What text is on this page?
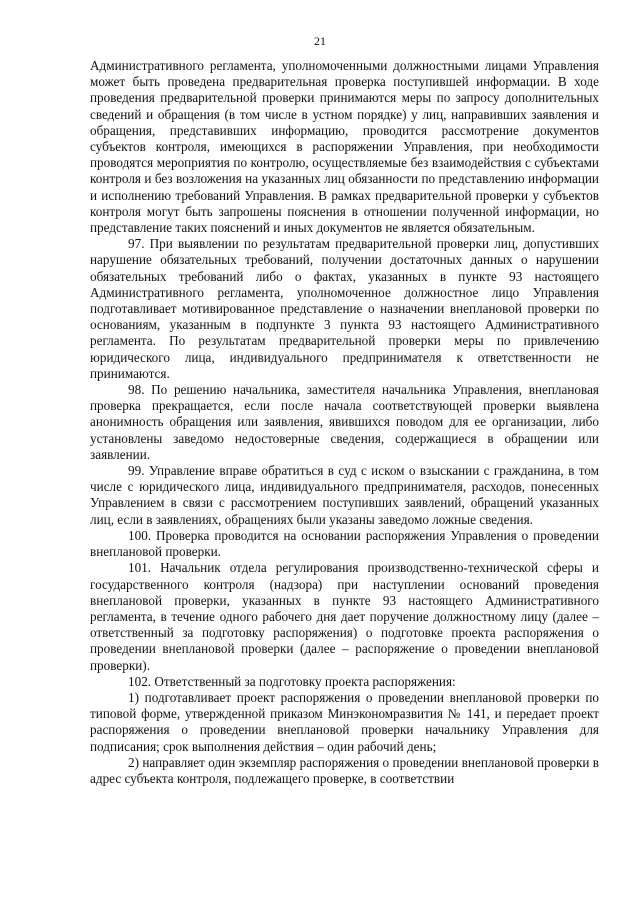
21

Административного регламента, уполномоченными должностными лицами Управления может быть проведена предварительная проверка поступившей информации. В ходе проведения предварительной проверки принимаются меры по запросу дополнительных сведений и обращения (в том числе в устном порядке) у лиц, направивших заявления и обращения, представивших информацию, проводится рассмотрение документов субъектов контроля, имеющихся в распоряжении Управления, при необходимости проводятся мероприятия по контролю, осуществляемые без взаимодействия с субъектами контроля и без возложения на указанных лиц обязанности по представлению информации и исполнению требований Управления. В рамках предварительной проверки у субъектов контроля могут быть запрошены пояснения в отношении полученной информации, но представление таких пояснений и иных документов не является обязательным.

97. При выявлении по результатам предварительной проверки лиц, допустивших нарушение обязательных требований, получении достаточных данных о нарушении обязательных требований либо о фактах, указанных в пункте 93 настоящего Административного регламента, уполномоченное должностное лицо Управления подготавливает мотивированное представление о назначении внеплановой проверки по основаниям, указанным в подпункте 3 пункта 93 настоящего Административного регламента. По результатам предварительной проверки меры по привлечению юридического лица, индивидуального предпринимателя к ответственности не принимаются.

98. По решению начальника, заместителя начальника Управления, внеплановая проверка прекращается, если после начала соответствующей проверки выявлена анонимность обращения или заявления, явившихся поводом для ее организации, либо установлены заведомо недостоверные сведения, содержащиеся в обращении или заявлении.

99. Управление вправе обратиться в суд с иском о взыскании с гражданина, в том числе с юридического лица, индивидуального предпринимателя, расходов, понесенных Управлением в связи с рассмотрением поступивших заявлений, обращений указанных лиц, если в заявлениях, обращениях были указаны заведомо ложные сведения.

100. Проверка проводится на основании распоряжения Управления о проведении внеплановой проверки.

101. Начальник отдела регулирования производственно-технической сферы и государственного контроля (надзора) при наступлении оснований проведения внеплановой проверки, указанных в пункте 93 настоящего Административного регламента, в течение одного рабочего дня дает поручение должностному лицу (далее – ответственный за подготовку распоряжения) о подготовке проекта распоряжения о проведении внеплановой проверки (далее – распоряжение о проведении внеплановой проверки).

102. Ответственный за подготовку проекта распоряжения:

1) подготавливает проект распоряжения о проведении внеплановой проверки по типовой форме, утвержденной приказом Минэкономразвития № 141, и передает проект распоряжения о проведении внеплановой проверки начальнику Управления для подписания; срок выполнения действия – один рабочий день;

2) направляет один экземпляр распоряжения о проведении внеплановой проверки в адрес субъекта контроля, подлежащего проверке, в соответствии
